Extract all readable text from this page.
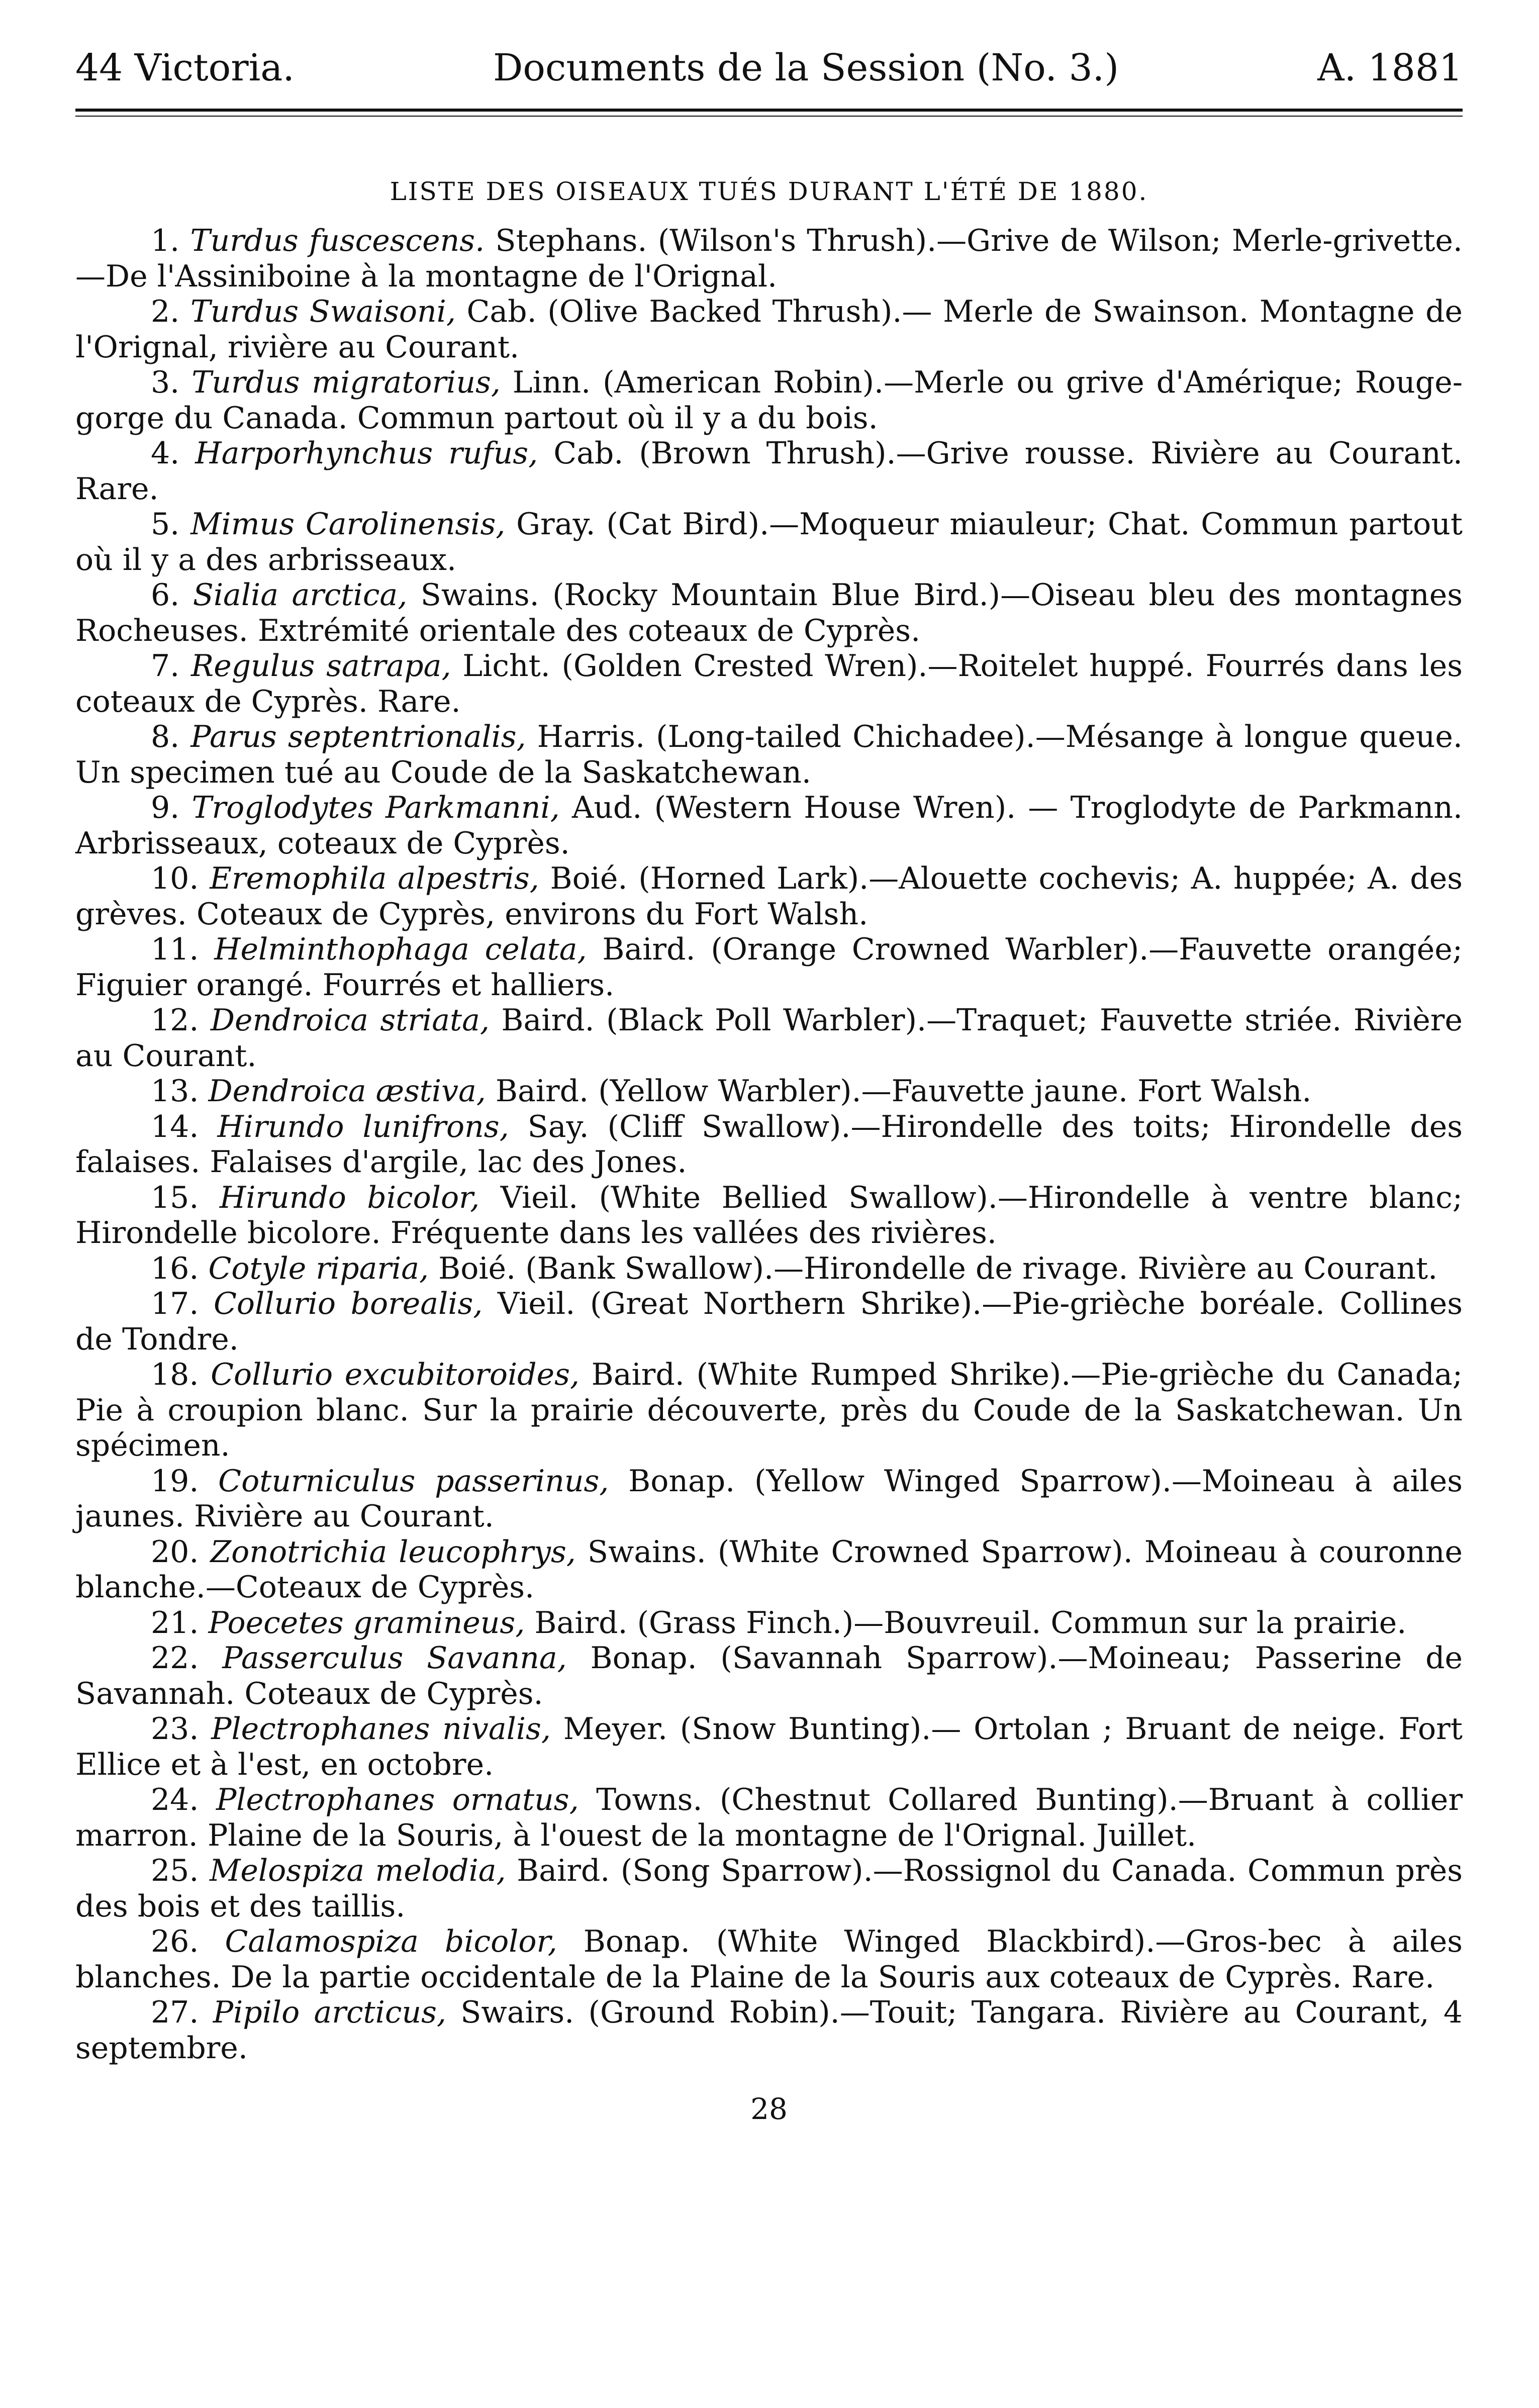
44 Victoria.	Documents de la Session (No. 3.)	A. 1881
LISTE DES OISEAUX TUÉS DURANT L'ÉTÉ DE 1880.

1. Turdus fuscescens. Stephans. (Wilson's Thrush).—Grive de Wilson; Merle-grivette.—De l'Assiniboine à la montagne de l'Orignal.

2. Turdus Swaisoni, Cab. (Olive Backed Thrush).— Merle de Swainson. Montagne de l'Orignal, rivière au Courant.

3. Turdus migratorius, Linn. (American Robin).—Merle ou grive d'Amérique; Rouge-gorge du Canada. Commun partout où il y a du bois.

4. Harporhynchus rufus, Cab. (Brown Thrush).—Grive rousse. Rivière au Courant. Rare.

5. Mimus Carolinensis, Gray. (Cat Bird).—Moqueur miauleur; Chat. Commun partout où il y a des arbrisseaux.

6. Sialia arctica, Swains. (Rocky Mountain Blue Bird.)—Oiseau bleu des montagnes Rocheuses. Extrémité orientale des coteaux de Cyprès.

7. Regulus satrapa, Licht. (Golden Crested Wren).—Roitelet huppé. Fourrés dans les coteaux de Cyprès. Rare.

8. Parus septentrionalis, Harris. (Long-tailed Chichadee).—Mésange à longue queue. Un specimen tué au Coude de la Saskatchewan.

9. Troglodytes Parkmanni, Aud. (Western House Wren). — Troglodyte de Parkmann. Arbrisseaux, coteaux de Cyprès.

10. Eremophila alpestris, Boié. (Horned Lark).—Alouette cochevis; A. huppée; A. des grèves. Coteaux de Cyprès, environs du Fort Walsh.

11. Helminthophaga celata, Baird. (Orange Crowned Warbler).—Fauvette orangée; Figuier orangé. Fourrés et halliers.

12. Dendroica striata, Baird. (Black Poll Warbler).—Traquet; Fauvette striée. Rivière au Courant.

13. Dendroica æstiva, Baird. (Yellow Warbler).—Fauvette jaune. Fort Walsh.

14. Hirundo lunifrons, Say. (Cliff Swallow).—Hirondelle des toits; Hirondelle des falaises. Falaises d'argile, lac des Jones.

15. Hirundo bicolor, Vieil. (White Bellied Swallow).—Hirondelle à ventre blanc; Hirondelle bicolore. Fréquente dans les vallées des rivières.

16. Cotyle riparia, Boié. (Bank Swallow).—Hirondelle de rivage. Rivière au Courant.

17. Collurio borealis, Vieil. (Great Northern Shrike).—Pie-grièche boréale. Collines de Tondre.

18. Collurio excubitoroides, Baird. (White Rumped Shrike).—Pie-grièche du Canada; Pie à croupion blanc. Sur la prairie découverte, près du Coude de la Saskatchewan. Un spécimen.

19. Coturniculus passerinus, Bonap. (Yellow Winged Sparrow).—Moineau à ailes jaunes. Rivière au Courant.

20. Zonotrichia leucophrys, Swains. (White Crowned Sparrow). Moineau à couronne blanche.—Coteaux de Cyprès.

21. Poecetes gramineus, Baird. (Grass Finch.)—Bouvreuil. Commun sur la prairie.

22. Passerculus Savanna, Bonap. (Savannah Sparrow).—Moineau; Passerine de Savannah. Coteaux de Cyprès.

23. Plectrophanes nivalis, Meyer. (Snow Bunting).— Ortolan ; Bruant de neige. Fort Ellice et à l'est, en octobre.

24. Plectrophanes ornatus, Towns. (Chestnut Collared Bunting).—Bruant à collier marron. Plaine de la Souris, à l'ouest de la montagne de l'Orignal. Juillet.

25. Melospiza melodia, Baird. (Song Sparrow).—Rossignol du Canada. Commun près des bois et des taillis.

26. Calamospiza bicolor, Bonap. (White Winged Blackbird).—Gros-bec à ailes blanches. De la partie occidentale de la Plaine de la Souris aux coteaux de Cyprès. Rare.

27. Pipilo arcticus, Swairs. (Ground Robin).—Touit; Tangara. Rivière au Courant, 4 septembre.

28
